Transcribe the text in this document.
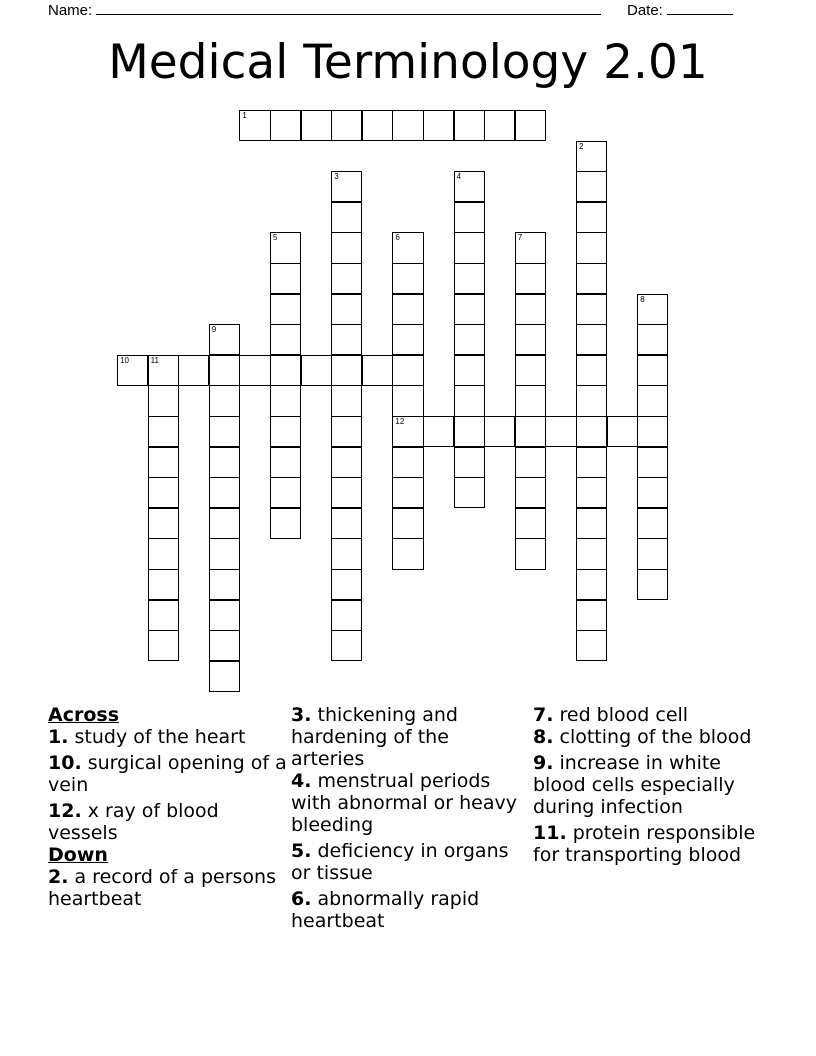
Name:	Date:
Medical Terminology 2.01
1
10	11
12
2
3	4
5	6	7
8
9
Across
1. study of the heart
10. surgical opening of a vein
12. x ray of blood vessels
Down
2. a record of a persons heartbeat
3. thickening and hardening of the arteries
4. menstrual periods with abnormal or heavy bleeding
5. deficiency in organs or tissue
6. abnormally rapid heartbeat
7. red blood cell
8. clotting of the blood
9. increase in white blood cells especially during infection
11. protein responsible for transporting blood
